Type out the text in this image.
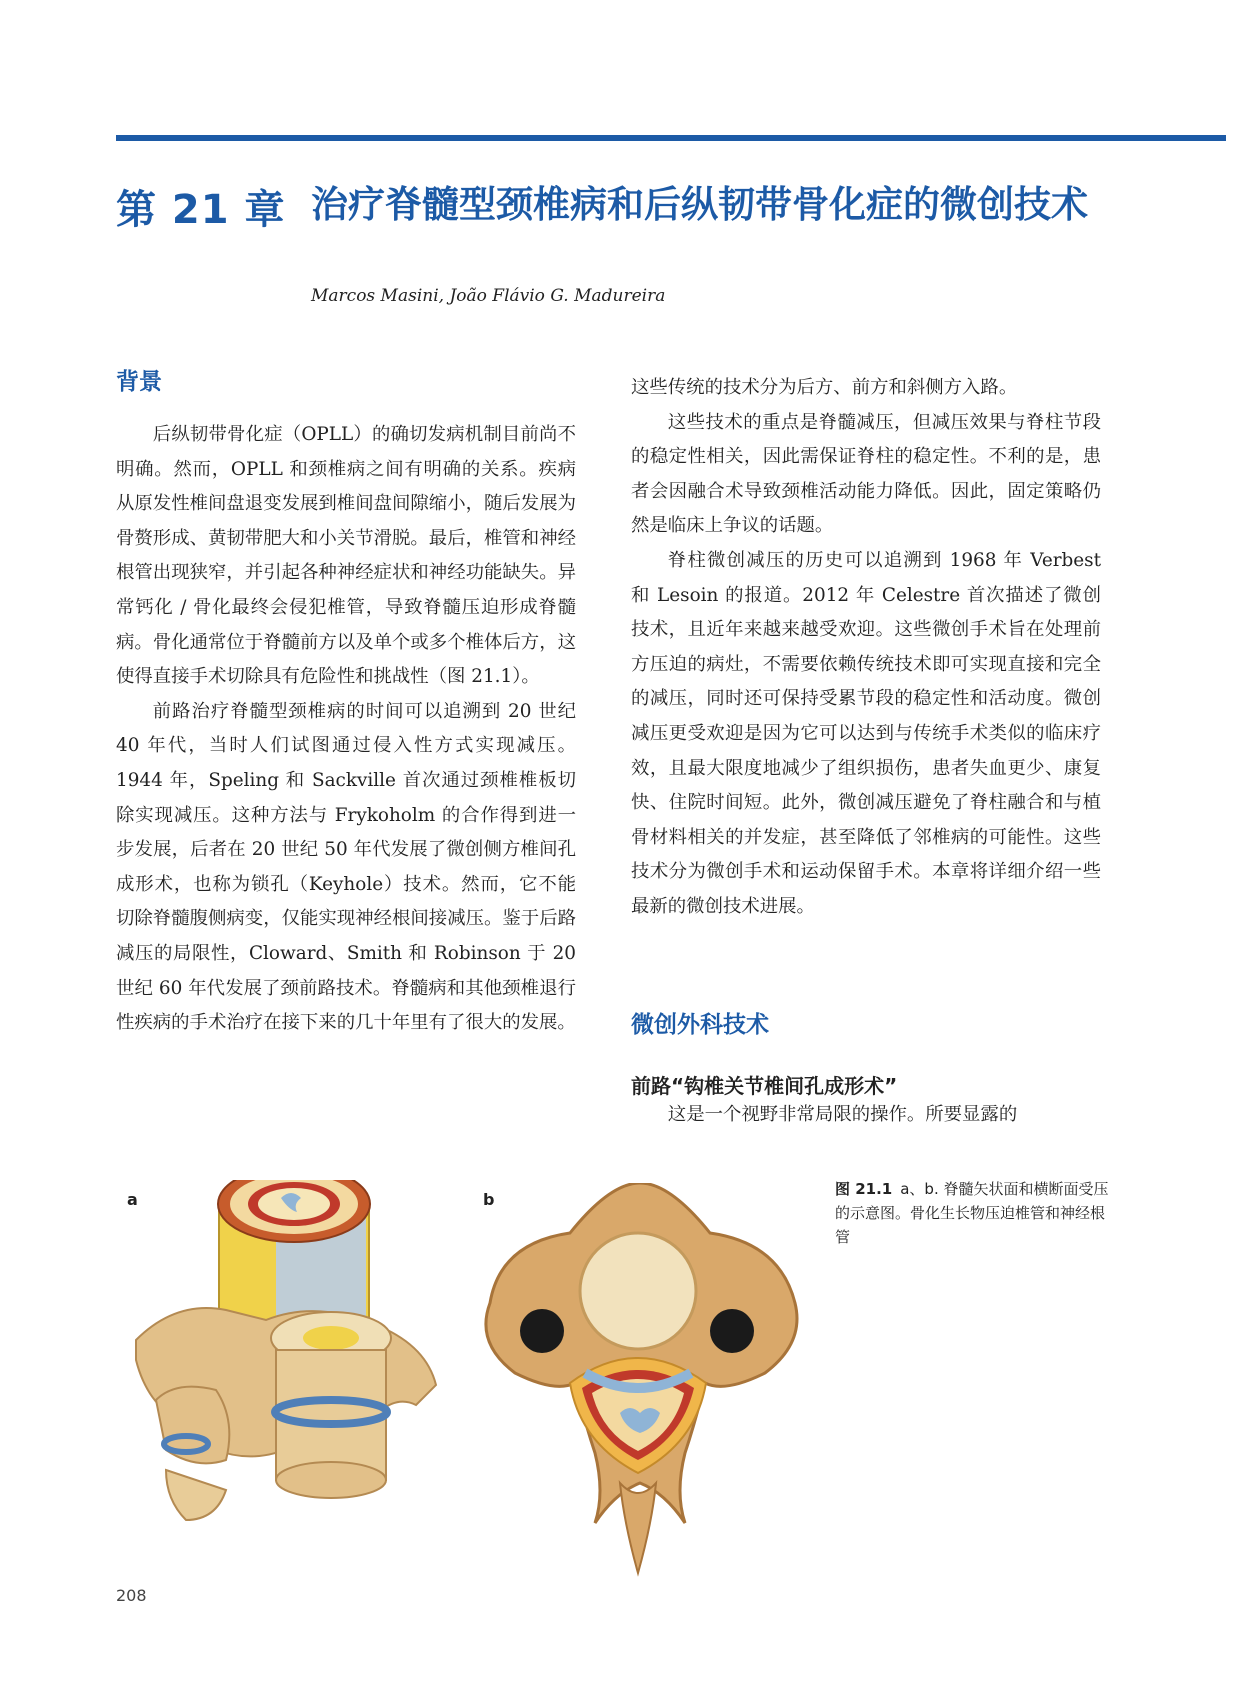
第 21 章 治疗脊髓型颈椎病和后纵韧带骨化症的微创技术
Marcos Masini, João Flávio G. Madureira
背景

后纵韧带骨化症（OPLL）的确切发病机制目前尚不明确。然而，OPLL 和颈椎病之间有明确的关系。疾病从原发性椎间盘退变发展到椎间盘间隙缩小，随后发展为骨赘形成、黄韧带肥大和小关节滑脱。最后，椎管和神经根管出现狭窄，并引起各种神经症状和神经功能缺失。异常钙化 / 骨化最终会侵犯椎管，导致脊髓压迫形成脊髓病。骨化通常位于脊髓前方以及单个或多个椎体后方，这使得直接手术切除具有危险性和挑战性（图 21.1）。

前路治疗脊髓型颈椎病的时间可以追溯到 20 世纪 40 年代，当时人们试图通过侵入性方式实现减压。1944 年，Speling 和 Sackville 首次通过颈椎椎板切除实现减压。这种方法与 Frykoholm 的合作得到进一步发展，后者在 20 世纪 50 年代发展了微创侧方椎间孔成形术，也称为锁孔（Keyhole）技术。然而，它不能切除脊髓腹侧病变，仅能实现神经根间接减压。鉴于后路减压的局限性，Cloward、Smith 和 Robinson 于 20 世纪 60 年代发展了颈前路技术。脊髓病和其他颈椎退行性疾病的手术治疗在接下来的几十年里有了很大的发展。

这些传统的技术分为后方、前方和斜侧方入路。

这些技术的重点是脊髓减压，但减压效果与脊柱节段的稳定性相关，因此需保证脊柱的稳定性。不利的是，患者会因融合术导致颈椎活动能力降低。因此，固定策略仍然是临床上争议的话题。

脊柱微创减压的历史可以追溯到 1968 年 Verbest 和 Lesoin 的报道。2012 年 Celestre 首次描述了微创技术，且近年来越来越受欢迎。这些微创手术旨在处理前方压迫的病灶，不需要依赖传统技术即可实现直接和完全的减压，同时还可保持受累节段的稳定性和活动度。微创减压更受欢迎是因为它可以达到与传统手术类似的临床疗效，且最大限度地减少了组织损伤，患者失血更少、康复快、住院时间短。此外，微创减压避免了脊柱融合和与植骨材料相关的并发症，甚至降低了邻椎病的可能性。这些技术分为微创手术和运动保留手术。本章将详细介绍一些最新的微创技术进展。

微创外科技术
前路“钩椎关节椎间孔成形术”

这是一个视野非常局限的操作。所要显露的

a	b
图 21.1 a、b. 脊髓矢状面和横断面受压的示意图。骨化生长物压迫椎管和神经根管
208
